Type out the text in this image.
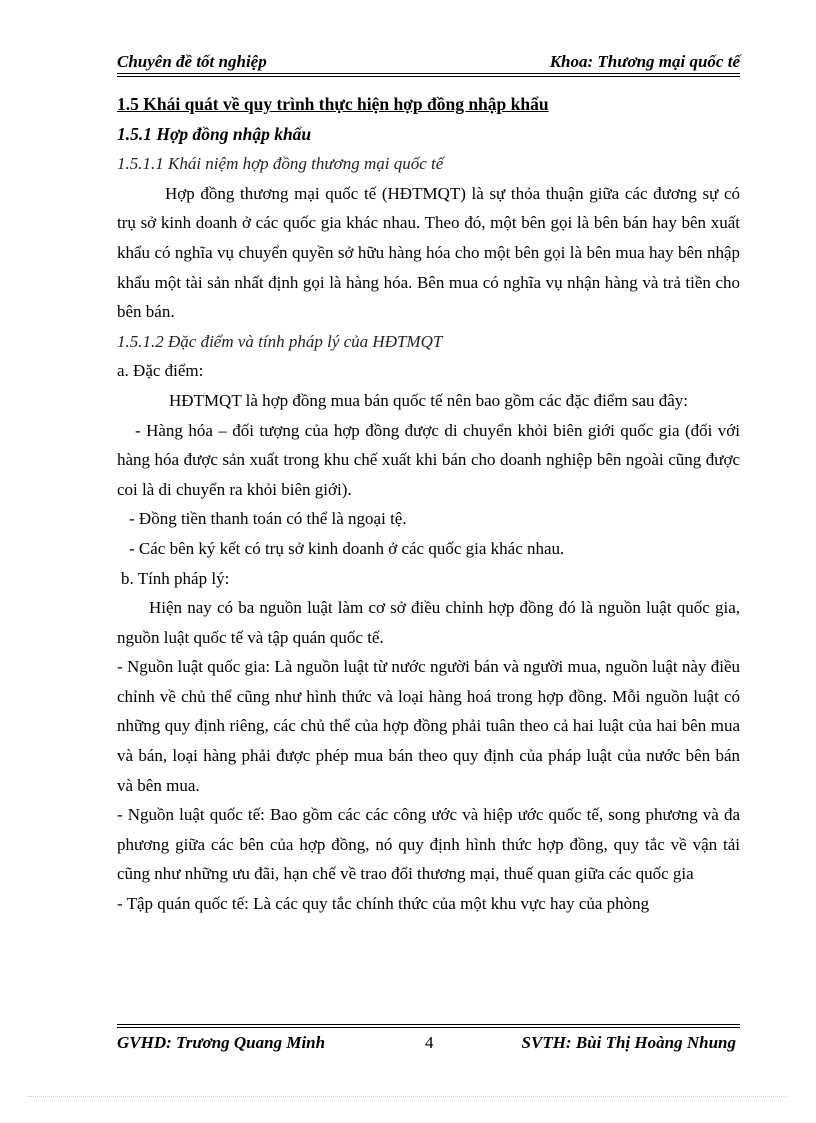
Chuyên đề tốt nghiệp	Khoa: Thương mại quốc tế

1.5 Khái quát về quy trình thực hiện hợp đồng nhập khẩu

1.5.1 Hợp đồng nhập khẩu

1.5.1.1 Khái niệm hợp đồng thương mại quốc tế

Hợp đồng thương mại quốc tế (HĐTMQT) là sự thỏa thuận giữa các đương sự có trụ sở kinh doanh ở các quốc gia khác nhau. Theo đó, một bên gọi là bên bán hay bên xuất khẩu có nghĩa vụ chuyển quyền sở hữu hàng hóa cho một bên gọi là bên mua hay bên nhập khẩu một tài sản nhất định gọi là hàng hóa. Bên mua có nghĩa vụ nhận hàng và trả tiền cho bên bán.

1.5.1.2 Đặc điểm và tính pháp lý của HĐTMQT

a. Đặc điểm:

HĐTMQT là hợp đồng mua bán quốc tế nên bao gồm các đặc điểm sau đây:

- Hàng hóa – đối tượng của hợp đồng được di chuyển khỏi biên giới quốc gia (đối với hàng hóa được sản xuất trong khu chế xuất khi bán cho doanh nghiệp bên ngoài cũng được coi là di chuyển ra khỏi biên giới).

- Đồng tiền thanh toán có thể là ngoại tệ.

- Các bên ký kết có trụ sở kinh doanh ở các quốc gia khác nhau.

b. Tính pháp lý:

Hiện nay có ba nguồn luật làm cơ sở điều chỉnh hợp đồng đó là nguồn luật quốc gia, nguồn luật quốc tế và tập quán quốc tế.

- Nguồn luật quốc gia: Là nguồn luật từ nước người bán và người mua, nguồn luật này điều chỉnh về chủ thể cũng như hình thức và loại hàng hoá trong hợp đồng. Mỗi nguồn luật có những quy định riêng, các chủ thể của hợp đồng phải tuân theo cả hai luật của hai bên mua và bán, loại hàng phải được phép mua bán theo quy định của pháp luật của nước bên bán và bên mua.

- Nguồn luật quốc tế: Bao gồm các các công ước và hiệp ước quốc tế, song phương và đa phương giữa các bên của hợp đồng, nó quy định hình thức hợp đồng, quy tắc về vận tải cũng như những ưu đãi, hạn chế về trao đổi thương mại, thuế quan giữa các quốc gia

- Tập quán quốc tế: Là các quy tắc chính thức của một khu vực hay của phòng

GVHD: Trương Quang Minh	4	SVTH: Bùi Thị Hoàng Nhung
